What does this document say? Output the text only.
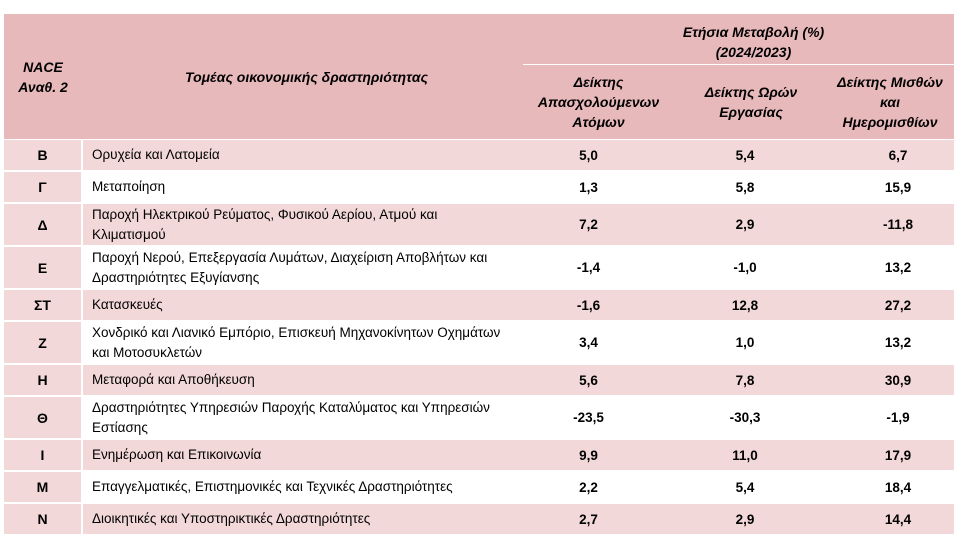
NACE Αναθ. 2	Τομέας οικονομικής δραστηριότητας	Ετήσια Μεταβολή (%)
(2024/2023)		

		Δείκτης Απασχολούμενων Ατόμων	Δείκτης Ωρών Εργασίας	Δείκτης Μισθών και Ημερομισθίων

Β	Ορυχεία και Λατομεία	5,0	5,4	6,7
Γ	Μεταποίηση	1,3	5,8	15,9
Δ	Παροχή Ηλεκτρικού Ρεύματος, Φυσικού Αερίου, Ατμού και Κλιματισμού	7,2	2,9	-11,8
Ε	Παροχή Νερού, Επεξεργασία Λυμάτων, Διαχείριση Αποβλήτων και Δραστηριότητες Εξυγίανσης	-1,4	-1,0	13,2
ΣΤ	Κατασκευές	-1,6	12,8	27,2
Ζ	Χονδρικό και Λιανικό Εμπόριο, Επισκευή Μηχανοκίνητων Οχημάτων και Μοτοσυκλετών	3,4	1,0	13,2
Η	Μεταφορά και Αποθήκευση	5,6	7,8	30,9
Θ	Δραστηριότητες Υπηρεσιών Παροχής Καταλύματος και Υπηρεσιών Εστίασης	-23,5	-30,3	-1,9
Ι	Ενημέρωση και Επικοινωνία	9,9	11,0	17,9
Μ	Επαγγελματικές, Επιστημονικές και Τεχνικές Δραστηριότητες	2,2	5,4	18,4
Ν	Διοικητικές και Υποστηρικτικές Δραστηριότητες	2,7	2,9	14,4
